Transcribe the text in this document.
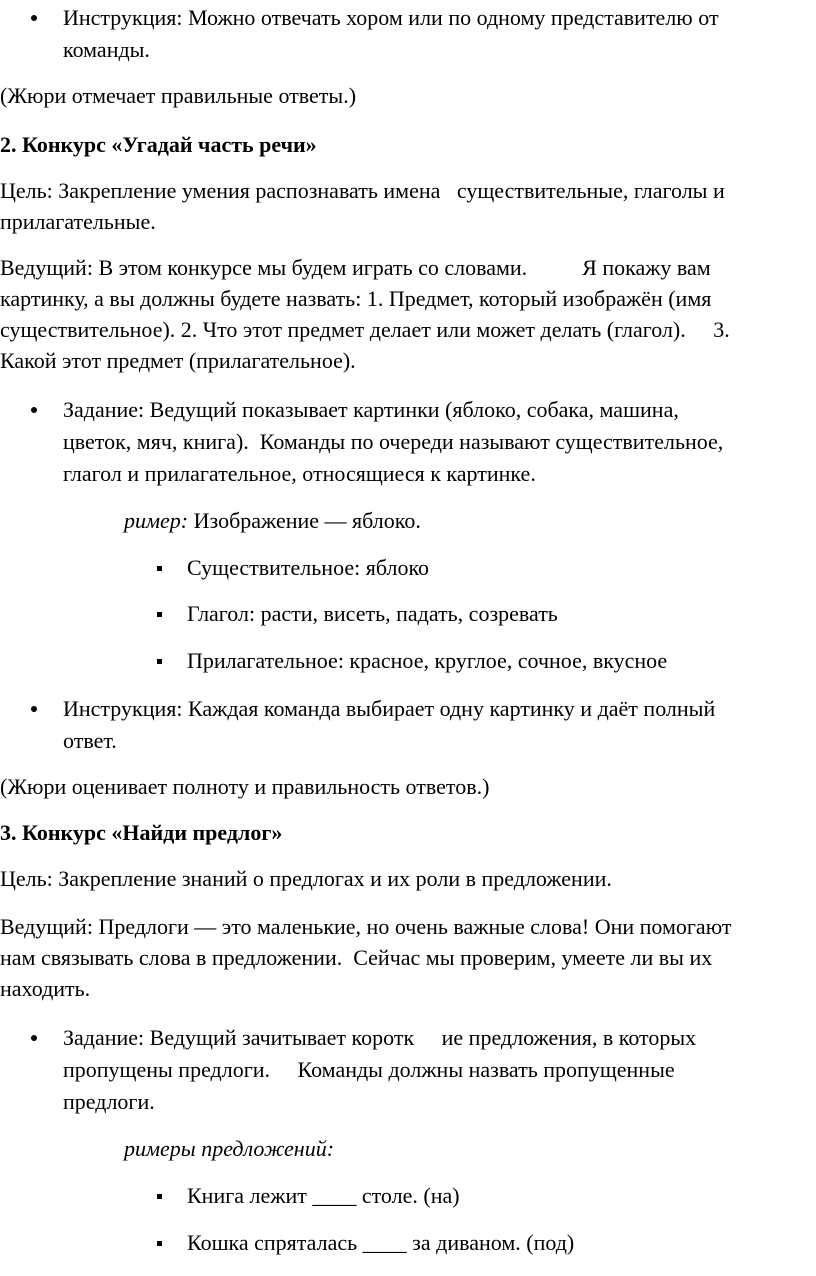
Инструкция: Можно отвечать хором или по одному представителю от
команды.
(Жюри отмечает правильные ответы.)
2. Конкурс «Угадай часть речи»
Цель: Закрепление умения распознавать имена   существительные, глаголы и
прилагательные.
Ведущий: В этом конкурсе мы будем играть со словами.          Я покажу вам
картинку, а вы должны будете назвать: 1. Предмет, который изображён (имя
существительное). 2. Что этот предмет делает или может делать (глагол).     3.
Какой этот предмет (прилагательное).
Задание: Ведущий показывает картинки (яблоко, собака, машина,
цветок, мяч, книга).  Команды по очереди называют существительное,
глагол и прилагательное, относящиеся к картинке.
ример: Изображение — яблоко.
Существительное: яблоко
Глагол: расти, висеть, падать, созревать
Прилагательное: красное, круглое, сочное, вкусное
Инструкция: Каждая команда выбирает одну картинку и даёт полный
ответ.
(Жюри оценивает полноту и правильность ответов.)
3. Конкурс «Найди предлог»
Цель: Закрепление знаний о предлогах и их роли в предложении.
Ведущий: Предлоги — это маленькие, но очень важные слова! Они помогают
нам связывать слова в предложении.  Сейчас мы проверим, умеете ли вы их
находить.
Задание: Ведущий зачитывает коротк     ие предложения, в которых
пропущены предлоги.     Команды должны назвать пропущенные
предлоги.
римеры предложений:
Книга лежит ____ столе. (на)
Кошка спряталась ____ за диваном. (под)
